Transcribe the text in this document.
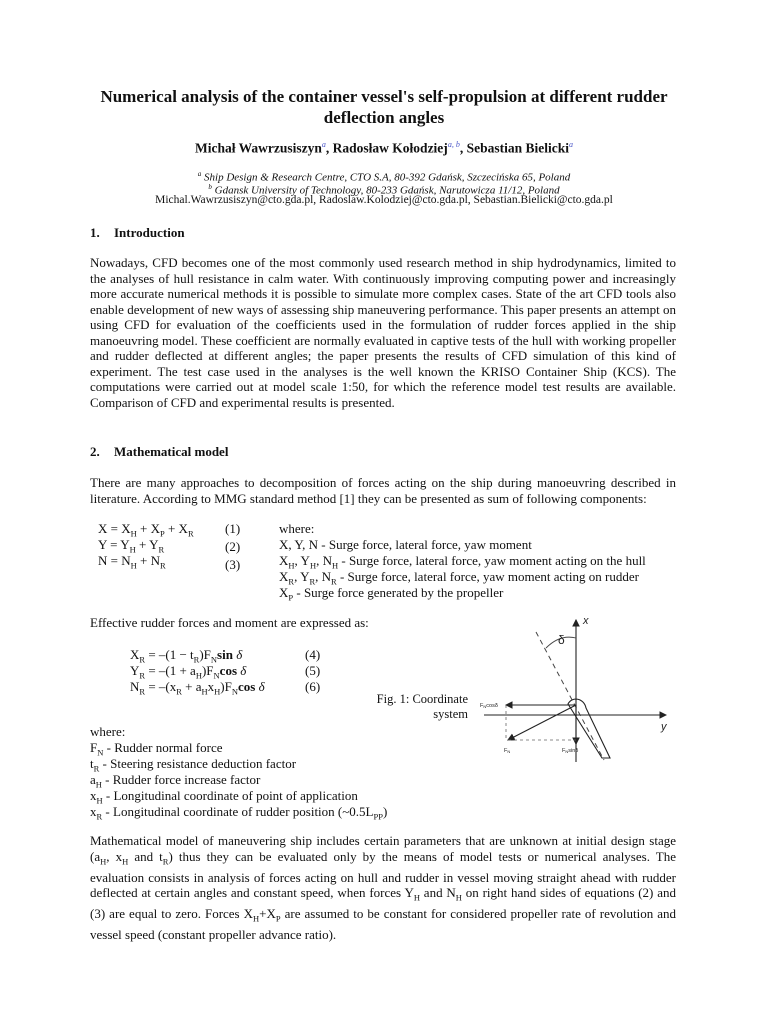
Numerical analysis of the container vessel's self-propulsion at different rudder deflection angles
Michał Wawrzusiszyn$^a$, Radosław Kołodziej$^{a, b}$, Sebastian Bielicki$^a$
$^a$ Ship Design & Research Centre, CTO S.A, 80-392 Gdańsk, Szczecińska 65, Poland
$^b$ Gdansk University of Technology, 80-233 Gdańsk, Narutowicza 11/12, Poland
Michal.Wawrzusiszyn@cto.gda.pl, Radoslaw.Kolodziej@cto.gda.pl, Sebastian.Bielicki@cto.gda.pl
1. Introduction
Nowadays, CFD becomes one of the most commonly used research method in ship hydrodynamics, limited to the analyses of hull resistance in calm water. With continuously improving computing power and increasingly more accurate numerical methods it is possible to simulate more complex cases. State of the art CFD tools also enable development of new ways of assessing ship maneuvering performance. This paper presents an attempt on using CFD for evaluation of the coefficients used in the formulation of rudder forces applied in the ship manoeuvring model. These coefficient are normally evaluated in captive tests of the hull with working propeller and rudder deflected at different angles; the paper presents the results of CFD simulation of this kind of experiment. The test case used in the analyses is the well known the KRISO Container Ship (KCS). The computations were carried out at model scale 1:50, for which the reference model test results are available. Comparison of CFD and experimental results is presented.
2. Mathematical model
There are many approaches to decomposition of forces acting on the ship during manoeuvring described in literature. According to MMG standard method [1] they can be presented as sum of following components:
$X = X_H + X_P + X_R$
$Y = Y_H + Y_R$
$N = N_H + N_R$
(1)
(2)
(3)
where:
X, Y, N - Surge force, lateral force, yaw moment
$X_H$, $Y_H$, $N_H$ - Surge force, lateral force, yaw moment acting on the hull
$X_R$, $Y_R$, $N_R$ - Surge force, lateral force, yaw moment acting on rudder
$X_P$ - Surge force generated by the propeller
Effective rudder forces and moment are expressed as:
$X_R = -(1 - t_R)F_N\sin$ δ
$Y_R = -(1 + a_H)F_N\cos$ δ
$N_R = -(x_R + a_Hx_H)F_N\cos$ δ
(4)
(5)
(6)
Fig. 1: Coordinate system
x
y
δ
FNcosδ
FN	FNsinδ
where:
$F_N$ - Rudder normal force
$t_R$ - Steering resistance deduction factor
$a_H$ - Rudder force increase factor
$x_H$ - Longitudinal coordinate of point of application
$x_R$ - Longitudinal coordinate of rudder position $(\sim 0.5L_{PP})$
Mathematical model of maneuvering ship includes certain parameters that are unknown at initial design stage ($a_H$, $x_H$ and $t_R$) thus they can be evaluated only by the means of model tests or numerical analyses. The evaluation consists in analysis of forces acting on hull and rudder in vessel moving straight ahead with rudder deflected at certain angles and constant speed, when forces $Y_H$ and $N_H$ on right hand sides of equations (2) and (3) are equal to zero. Forces $X_H+X_P$ are assumed to be constant for considered propeller rate of revolution and vessel speed (constant propeller advance ratio).
